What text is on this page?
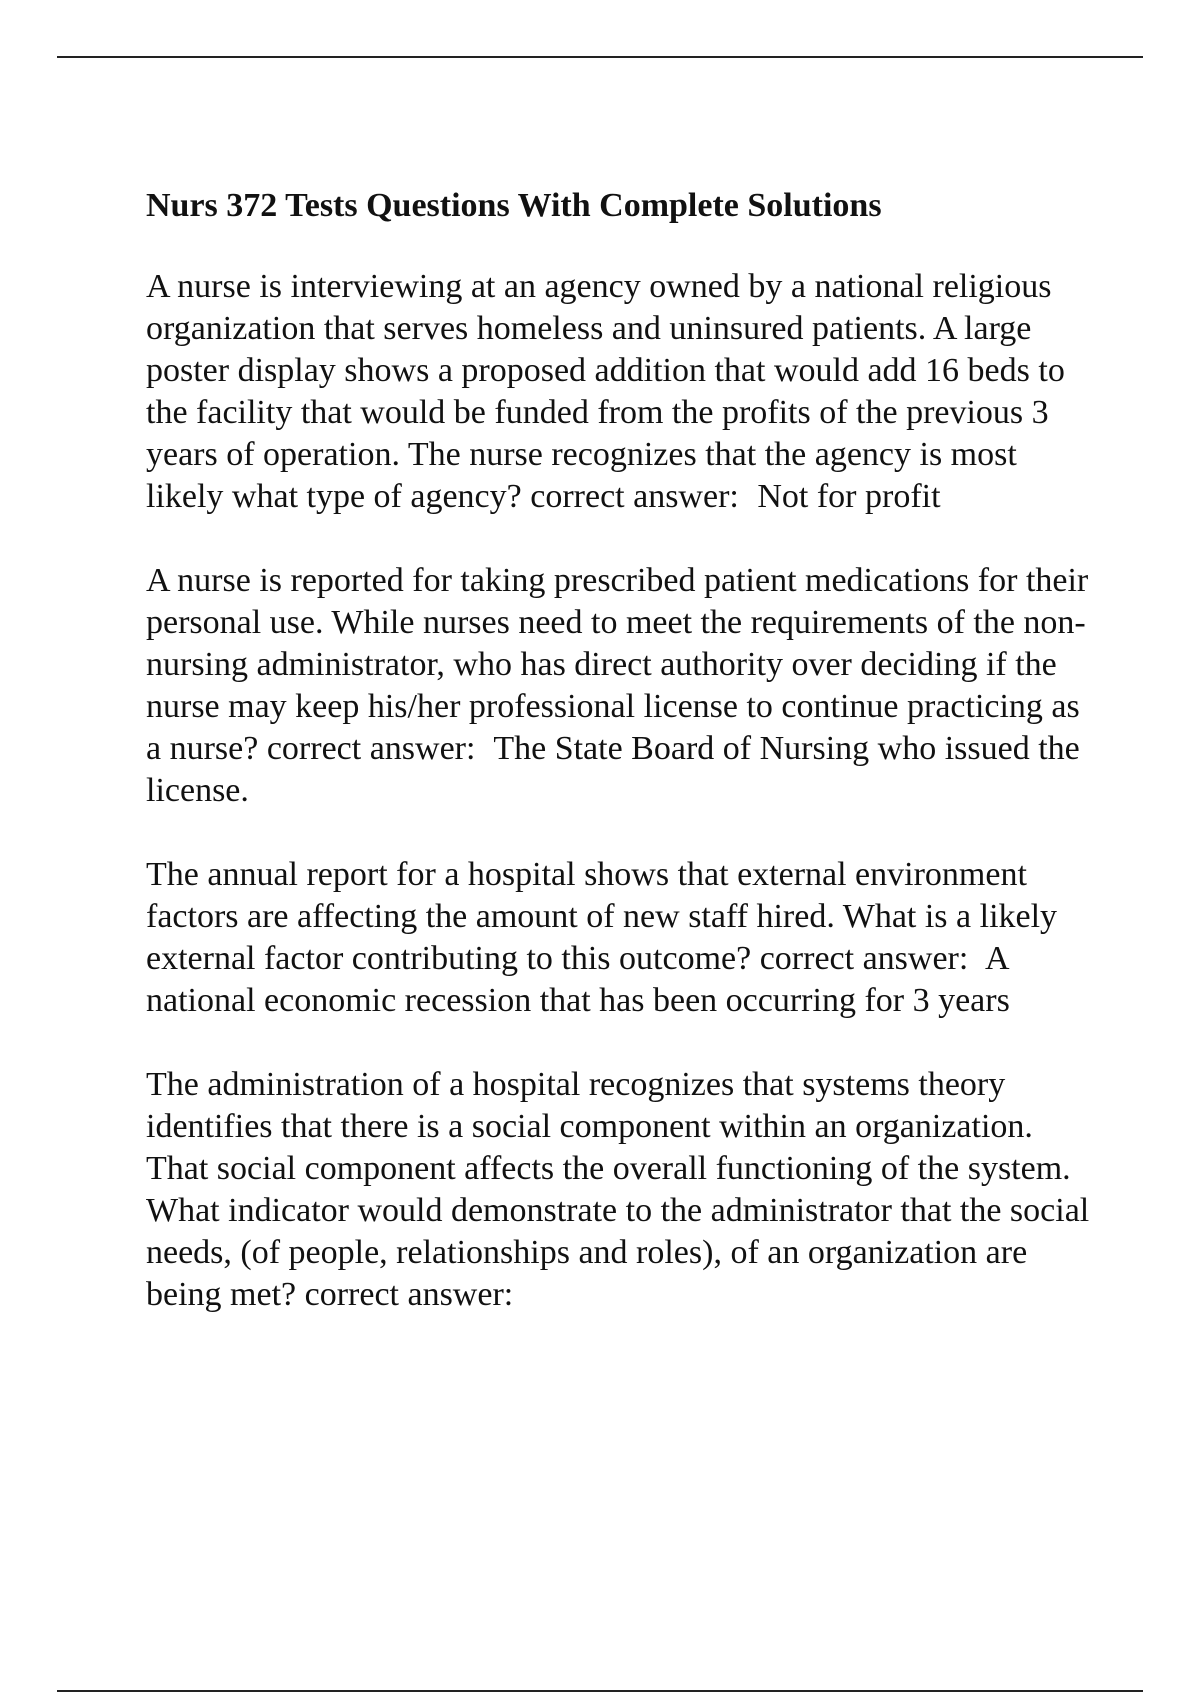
Nurs 372 Tests Questions With Complete Solutions
A nurse is interviewing at an agency owned by a national religious organization that serves homeless and uninsured patients. A large poster display shows a proposed addition that would add 16 beds to the facility that would be funded from the profits of the previous 3 years of operation. The nurse recognizes that the agency is most likely what type of agency? correct answer: Not for profit
A nurse is reported for taking prescribed patient medications for their personal use. While nurses need to meet the requirements of the non-nursing administrator, who has direct authority over deciding if the nurse may keep his/her professional license to continue practicing as a nurse? correct answer: The State Board of Nursing who issued the license.
The annual report for a hospital shows that external environment factors are affecting the amount of new staff hired. What is a likely external factor contributing to this outcome? correct answer: A national economic recession that has been occurring for 3 years
The administration of a hospital recognizes that systems theory identifies that there is a social component within an organization. That social component affects the overall functioning of the system. What indicator would demonstrate to the administrator that the social needs, (of people, relationships and roles), of an organization are being met? correct answer:
